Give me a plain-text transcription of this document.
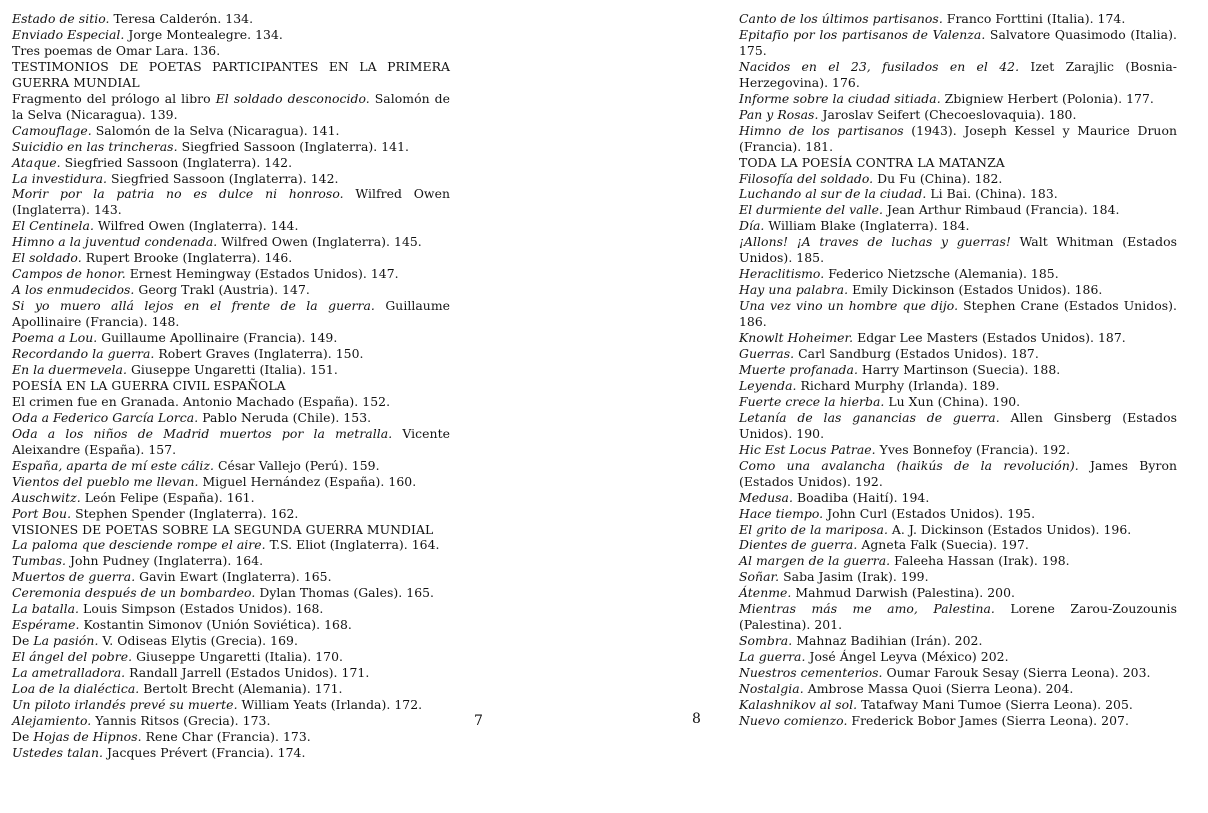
Estado de sitio. Teresa Calderón. 134.

Enviado Especial. Jorge Montealegre. 134.

Tres poemas de Omar Lara. 136.

TESTIMONIOS DE POETAS PARTICIPANTES EN LA PRIMERA GUERRA MUNDIAL

Fragmento del prólogo al libro El soldado desconocido. Salomón de la Selva (Nicaragua). 139.

Camouflage. Salomón de la Selva (Nicaragua). 141.

Suicidio en las trincheras. Siegfried Sassoon (Inglaterra). 141.

Ataque. Siegfried Sassoon (Inglaterra). 142.

La investidura. Siegfried Sassoon (Inglaterra). 142.

Morir por la patria no es dulce ni honroso. Wilfred Owen (Inglaterra). 143.

El Centinela. Wilfred Owen (Inglaterra). 144.

Himno a la juventud condenada. Wilfred Owen (Inglaterra). 145.

El soldado. Rupert Brooke (Inglaterra). 146.

Campos de honor. Ernest Hemingway (Estados Unidos). 147.

A los enmudecidos. Georg Trakl (Austria). 147.

Si yo muero allá lejos en el frente de la guerra. Guillaume Apollinaire (Francia). 148.

Poema a Lou. Guillaume Apollinaire (Francia). 149.

Recordando la guerra. Robert Graves (Inglaterra). 150.

En la duermevela. Giuseppe Ungaretti (Italia). 151.

POESÍA EN LA GUERRA CIVIL ESPAÑOLA

El crimen fue en Granada. Antonio Machado (España). 152.

Oda a Federico García Lorca. Pablo Neruda (Chile). 153.

Oda a los niños de Madrid muertos por la metralla. Vicente Aleixandre (España). 157.

España, aparta de mí este cáliz. César Vallejo (Perú). 159.

Vientos del pueblo me llevan. Miguel Hernández (España). 160.

Auschwitz. León Felipe (España). 161.

Port Bou. Stephen Spender (Inglaterra). 162.

VISIONES DE POETAS SOBRE LA SEGUNDA GUERRA MUNDIAL

La paloma que desciende rompe el aire. T.S. Eliot (Inglaterra). 164.

Tumbas. John Pudney (Inglaterra). 164.

Muertos de guerra. Gavin Ewart (Inglaterra). 165.

Ceremonia después de un bombardeo. Dylan Thomas (Gales). 165.

La batalla. Louis Simpson (Estados Unidos). 168.

Espérame. Kostantin Simonov (Unión Soviética). 168.

De La pasión. V. Odiseas Elytis (Grecia). 169.

El ángel del pobre. Giuseppe Ungaretti (Italia). 170.

La ametralladora. Randall Jarrell (Estados Unidos). 171.

Loa de la dialéctica. Bertolt Brecht (Alemania). 171.

Un piloto irlandés prevé su muerte. William Yeats (Irlanda). 172.

Alejamiento. Yannis Ritsos (Grecia). 173.

De Hojas de Hipnos. Rene Char (Francia). 173.

Ustedes talan. Jacques Prévert (Francia). 174.

Canto de los últimos partisanos. Franco Forttini (Italia). 174.

Epitafio por los partisanos de Valenza. Salvatore Quasimodo (Italia). 175.

Nacidos en el 23, fusilados en el 42. Izet Zarajlic (Bosnia-Herzegovina). 176.

Informe sobre la ciudad sitiada. Zbigniew Herbert (Polonia). 177.

Pan y Rosas. Jaroslav Seifert (Checoeslovaquia). 180.

Himno de los partisanos (1943). Joseph Kessel y Maurice Druon (Francia). 181.

TODA LA POESÍA CONTRA LA MATANZA

Filosofía del soldado. Du Fu (China). 182.

Luchando al sur de la ciudad. Li Bai. (China). 183.

El durmiente del valle. Jean Arthur Rimbaud (Francia). 184.

Día. William Blake (Inglaterra). 184.

¡Allons! ¡A traves de luchas y guerras! Walt Whitman (Estados Unidos). 185.

Heraclitismo. Federico Nietzsche (Alemania). 185.

Hay una palabra. Emily Dickinson (Estados Unidos). 186.

Una vez vino un hombre que dijo. Stephen Crane (Estados Unidos). 186.

Knowlt Hoheimer. Edgar Lee Masters (Estados Unidos). 187.

Guerras. Carl Sandburg (Estados Unidos). 187.

Muerte profanada. Harry Martinson (Suecia). 188.

Leyenda. Richard Murphy (Irlanda). 189.

Fuerte crece la hierba. Lu Xun (China). 190.

Letanía de las ganancias de guerra. Allen Ginsberg (Estados Unidos). 190.

Hic Est Locus Patrae. Yves Bonnefoy (Francia). 192.

Como una avalancha (haikús de la revolución). James Byron (Estados Unidos). 192.

Medusa. Boadiba (Haití). 194.

Hace tiempo. John Curl (Estados Unidos). 195.

El grito de la mariposa. A. J. Dickinson (Estados Unidos). 196.

Dientes de guerra. Agneta Falk (Suecia). 197.

Al margen de la guerra. Faleeha Hassan (Irak). 198.

Soñar. Saba Jasim (Irak). 199.

Átenme. Mahmud Darwish (Palestina). 200.

Mientras más me amo, Palestina. Lorene Zarou-Zouzounis (Palestina). 201.

Sombra. Mahnaz Badihian (Irán). 202.

La guerra. José Ángel Leyva (México) 202.

Nuestros cementerios. Oumar Farouk Sesay (Sierra Leona). 203.

Nostalgia. Ambrose Massa Quoi (Sierra Leona). 204.

Kalashnikov al sol. Tatafway Mani Tumoe (Sierra Leona). 205.

Nuevo comienzo. Frederick Bobor James (Sierra Leona). 207.

7	8
